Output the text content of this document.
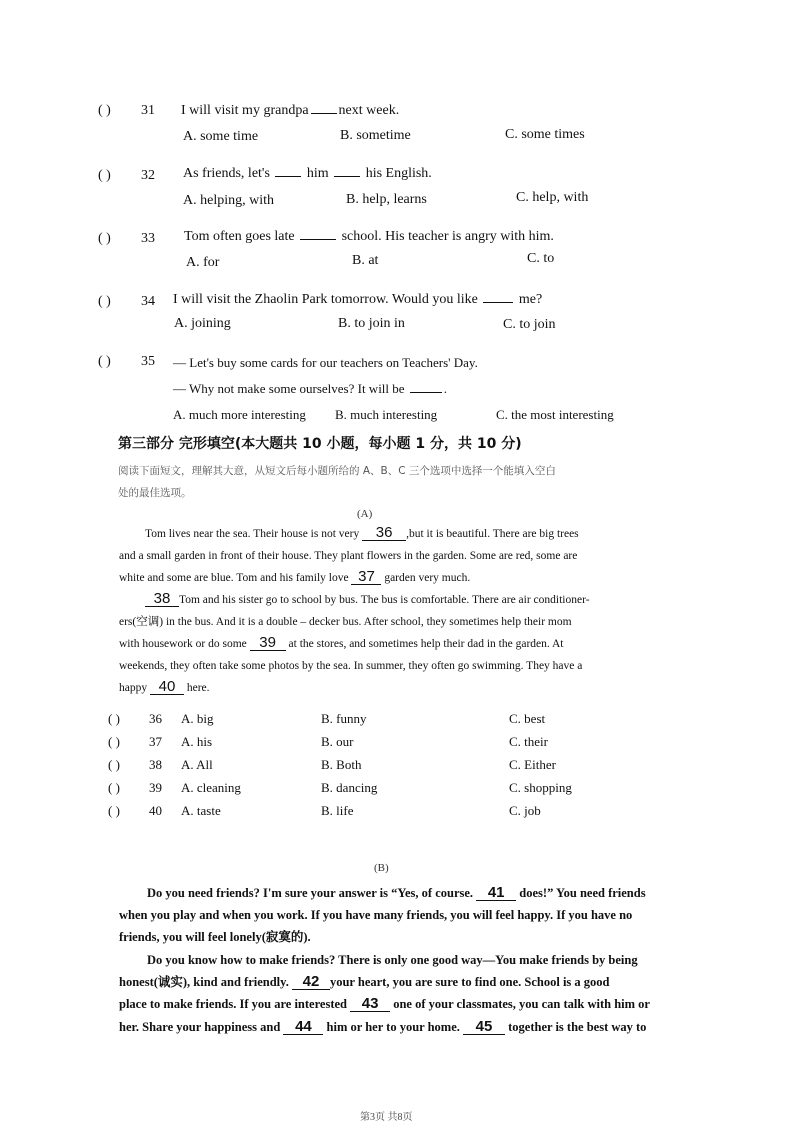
( ) 31 I will visit my grandpa next week.
A. some time	B. sometime	C. some times
( ) 32 As friends, let's	him	his English.
A. helping, with	B. help, learns	C. help, with
( ) 33 Tom often goes late	school. His teacher is angry with him.
A. for	B. at	C. to
( ) 34 I will visit the Zhaolin Park tomorrow. Would you like	me?
A. joining	B. to join in	C. to join
( ) 35 — Let's buy some cards for our teachers on Teachers' Day.
— Why not make some ourselves? It will be	.
A. much more interesting B. much interesting	C. the most interesting
第三部分 完形填空(本大题共 10 小题，每小题 1 分，共 10 分)
阅读下面短文，理解其大意，从短文后每小题所给的 A、B、C 三个选项中选择一个能填入空白
处的最佳选项。
(A)
Tom lives near the sea. Their house is not very 36 ,but it is beautiful. There are big trees
and a small garden in front of their house. They plant flowers in the garden. Some are red, some are
white and some are blue. Tom and his family love 37 garden very much.
38 Tom and his sister go to school by bus. The bus is comfortable. There are air conditioner-
ers(空调) in the bus. And it is a double – decker bus. After school, they sometimes help their mom
with housework or do some 39 at the stores, and sometimes help their dad in the garden. At
weekends, they often take some photos by the sea. In summer, they often go swimming. They have a
happy 40 here.
( ) 36 A. big	B. funny	C. best
( ) 37 A. his	B. our	C. their
( ) 38 A. All	B. Both	C. Either
( ) 39 A. cleaning	B. dancing	C. shopping
( ) 40 A. taste	B. life	C. job
(B)
Do you need friends? I'm sure your answer is “Yes, of course. 41 does!” You need friends
when you play and when you work. If you have many friends, you will feel happy. If you have no
friends, you will feel lonely(寂寞的).
Do you know how to make friends? There is only one good way—You make friends by being
honest(诚实), kind and friendly. 42 your heart, you are sure to find one. School is a good
place to make friends. If you are interested 43 one of your classmates, you can talk with him or
her. Share your happiness and 44 him or her to your home. 45 together is the best way to
第3页 共8页
